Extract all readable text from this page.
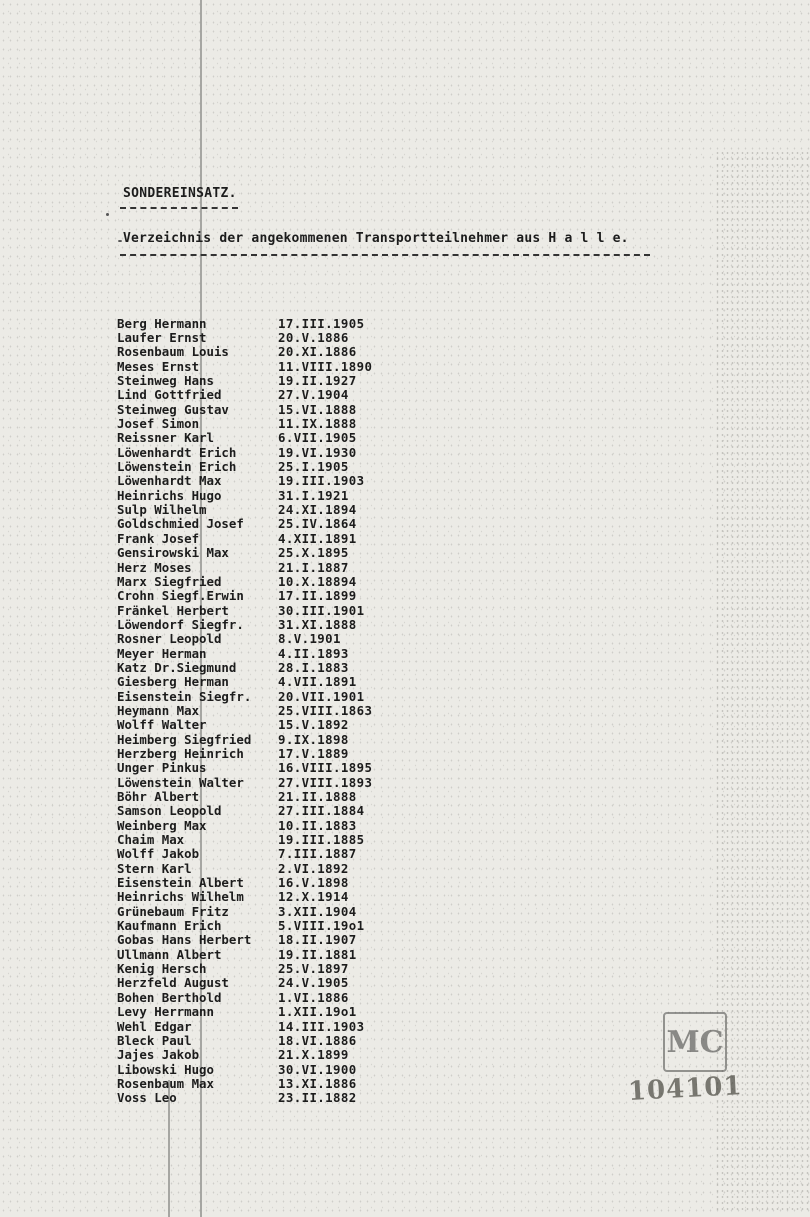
SONDEREINSATZ.
Verzeichnis der angekommenen Transportteilnehmer aus H a l l e.
Berg Hermann	17.III.1905
Laufer Ernst	20.V.1886
Rosenbaum Louis	20.XI.1886
Meses Ernst	11.VIII.1890
Steinweg Hans	19.II.1927
Lind Gottfried	27.V.1904
Steinweg Gustav	15.VI.1888
Josef Simon	11.IX.1888
Reissner Karl	6.VII.1905
Löwenhardt Erich	19.VI.1930
Löwenstein Erich	25.I.1905
Löwenhardt Max	19.III.1903
Heinrichs Hugo	31.I.1921
Sulp Wilhelm	24.XI.1894
Goldschmied Josef	25.IV.1864
Frank Josef	4.XII.1891
Gensirowski Max	25.X.1895
Herz Moses	21.I.1887
Marx Siegfried	10.X.18894
Crohn Siegf.Erwin	17.II.1899
Fränkel Herbert	30.III.1901
Löwendorf Siegfr.	31.XI.1888
Rosner Leopold	8.V.1901
Meyer Herman	4.II.1893
Katz Dr.Siegmund	28.I.1883
Giesberg Herman	4.VII.1891
Eisenstein Siegfr.	20.VII.1901
Heymann Max	25.VIII.1863
Wolff Walter	15.V.1892
Heimberg Siegfried	9.IX.1898
Herzberg Heinrich	17.V.1889
Unger Pinkus	16.VIII.1895
Löwenstein Walter	27.VIII.1893
Böhr Albert	21.II.1888
Samson Leopold	27.III.1884
Weinberg Max	10.II.1883
Chaim Max	19.III.1885
Wolff Jakob	7.III.1887
Stern Karl	2.VI.1892
Eisenstein Albert	16.V.1898
Heinrichs Wilhelm	12.X.1914
Grünebaum Fritz	3.XII.1904
Kaufmann Erich	5.VIII.19o1
Gobas Hans Herbert	18.II.1907
Ullmann Albert	19.II.1881
Kenig Hersch	25.V.1897
Herzfeld August	24.V.1905
Bohen Berthold	1.VI.1886
Levy Herrmann	1.XII.19o1
Wehl Edgar	14.III.1903
Bleck Paul	18.VI.1886
Jajes Jakob	21.X.1899
Libowski Hugo	30.VI.1900
Rosenbaum Max	13.XI.1886
Voss Leo	23.II.1882
MC

104101
